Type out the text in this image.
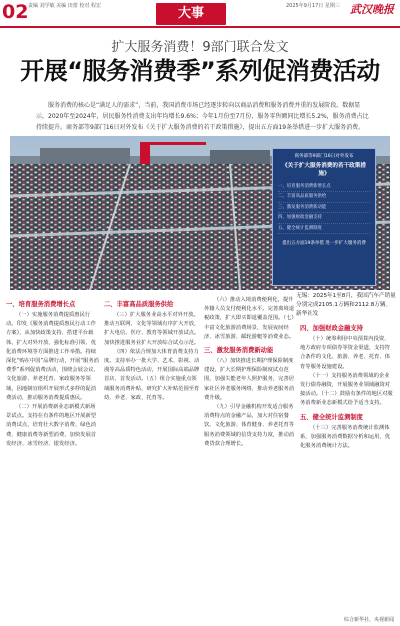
02 责编 刘学敏 美编 田蕾 校对 程宏	大事	2025年9月17日 星期三 武汉晚报
扩大服务消费！9部门联合发文
开展“服务消费季”系列促消费活动

服务消费的核心是“满足人的需求”，当前，我国消费市场已经逐步转向以商品消费和服务消费并重的发展阶段。数据显示，2020年至2024年，居民服务性消费支出年均增长9.6%；今年1月份至7月份，服务零售额同比增长5.2%，服务消费占比持续提升。商务部等9部门16日对外发布《关于扩大服务消费的若干政策措施》，提出五方面19条举措进一步扩大服务消费。

商务部等9部门16日对外发布
《关于扩大服务消费的若干政策措施》
一、培育服务消费新增长点
二、丰富高品质服务供给
三、激发服务消费新动能
四、加强财政金融支持
五、健全统计监测制度
提出五方面19条举措 进一步扩大服务消费
无锡：2025年1至8月，我国汽车产销量分别完成2105.1万辆和2112.8万辆。 新华社发
一、培育服务消费增长点

（一）实施服务消费提质惠民行动。印发《服务消费提质惠民行动工作方案》，从加快政策支持、搭建平台载体、扩大对外开放、强化标准引领、优化消费环境等方面推进工作举措。持续深化“购在中国”品牌行动，开展“服务消费季”系列促消费活动，围绕会展会议、文化旅游、养老托育、家政服务等领域，因地制宜组织开展形式多样的促消费活动，推动服务消费提质惠民。

（二）开展消费新业态新模式新场景试点。支持在有条件的地区开展新型消费试点，培育壮大数字消费、绿色消费、健康消费等新型消费，加快发展首发经济、冰雪经济、银发经济。

二、丰富高品质服务供给

（三）扩大服务业高水平对外开放。推动互联网、文化等领域有序扩大开放，扩大电信、医疗、教育等领域开放试点。加快推进服务业扩大开放综合试点示范。

（四）依法合规加大体育消费支持力度。支持举办一批大学、艺术、影视、动漫等高品质特色活动，开展国际高端品牌首店、首发活动。（五）组合实施重点领域服务消费补贴，研究扩大补贴范围至育幼、养老、家政、托育等。

（六）推动入境消费便利化，提升外籍人员支付便利化水平。完善离境退税政策，扩大即买即退覆盖范围。（七）丰富文化旅游消费场景，发展夜间经济、冰雪旅游、邮轮游艇等消费业态。

三、激发服务消费新动能

（八）加快推进长期护理保险制度建设，扩大长期护理保险制度试点范围，加强失能老年人照护服务，完善居家社区养老服务网络，推动养老服务消费升级。

（九）引导金融机构开发适合服务消费特点的金融产品，加大对住宿餐饮、文化旅游、体育健身、养老托育等服务消费领域的信贷支持力度，推动消费贷款合理增长。

四、加强财政金融支持

（十）统筹利用中央预算内投资、地方政府专项债券等资金渠道，支持符合条件的文化、旅游、养老、托育、体育等服务设施建设。

（十一）支持服务消费领域的企业发行债券融资，开展服务业领域融资对接活动。（十二）鼓励有条件的地区对服务消费新业态新模式给予适当支持。

五、健全统计监测制度

（十三）完善服务消费统计监测体系，加强服务消费数据分析和运用，优化服务消费统计方法。

综合新华社、央视新闻
